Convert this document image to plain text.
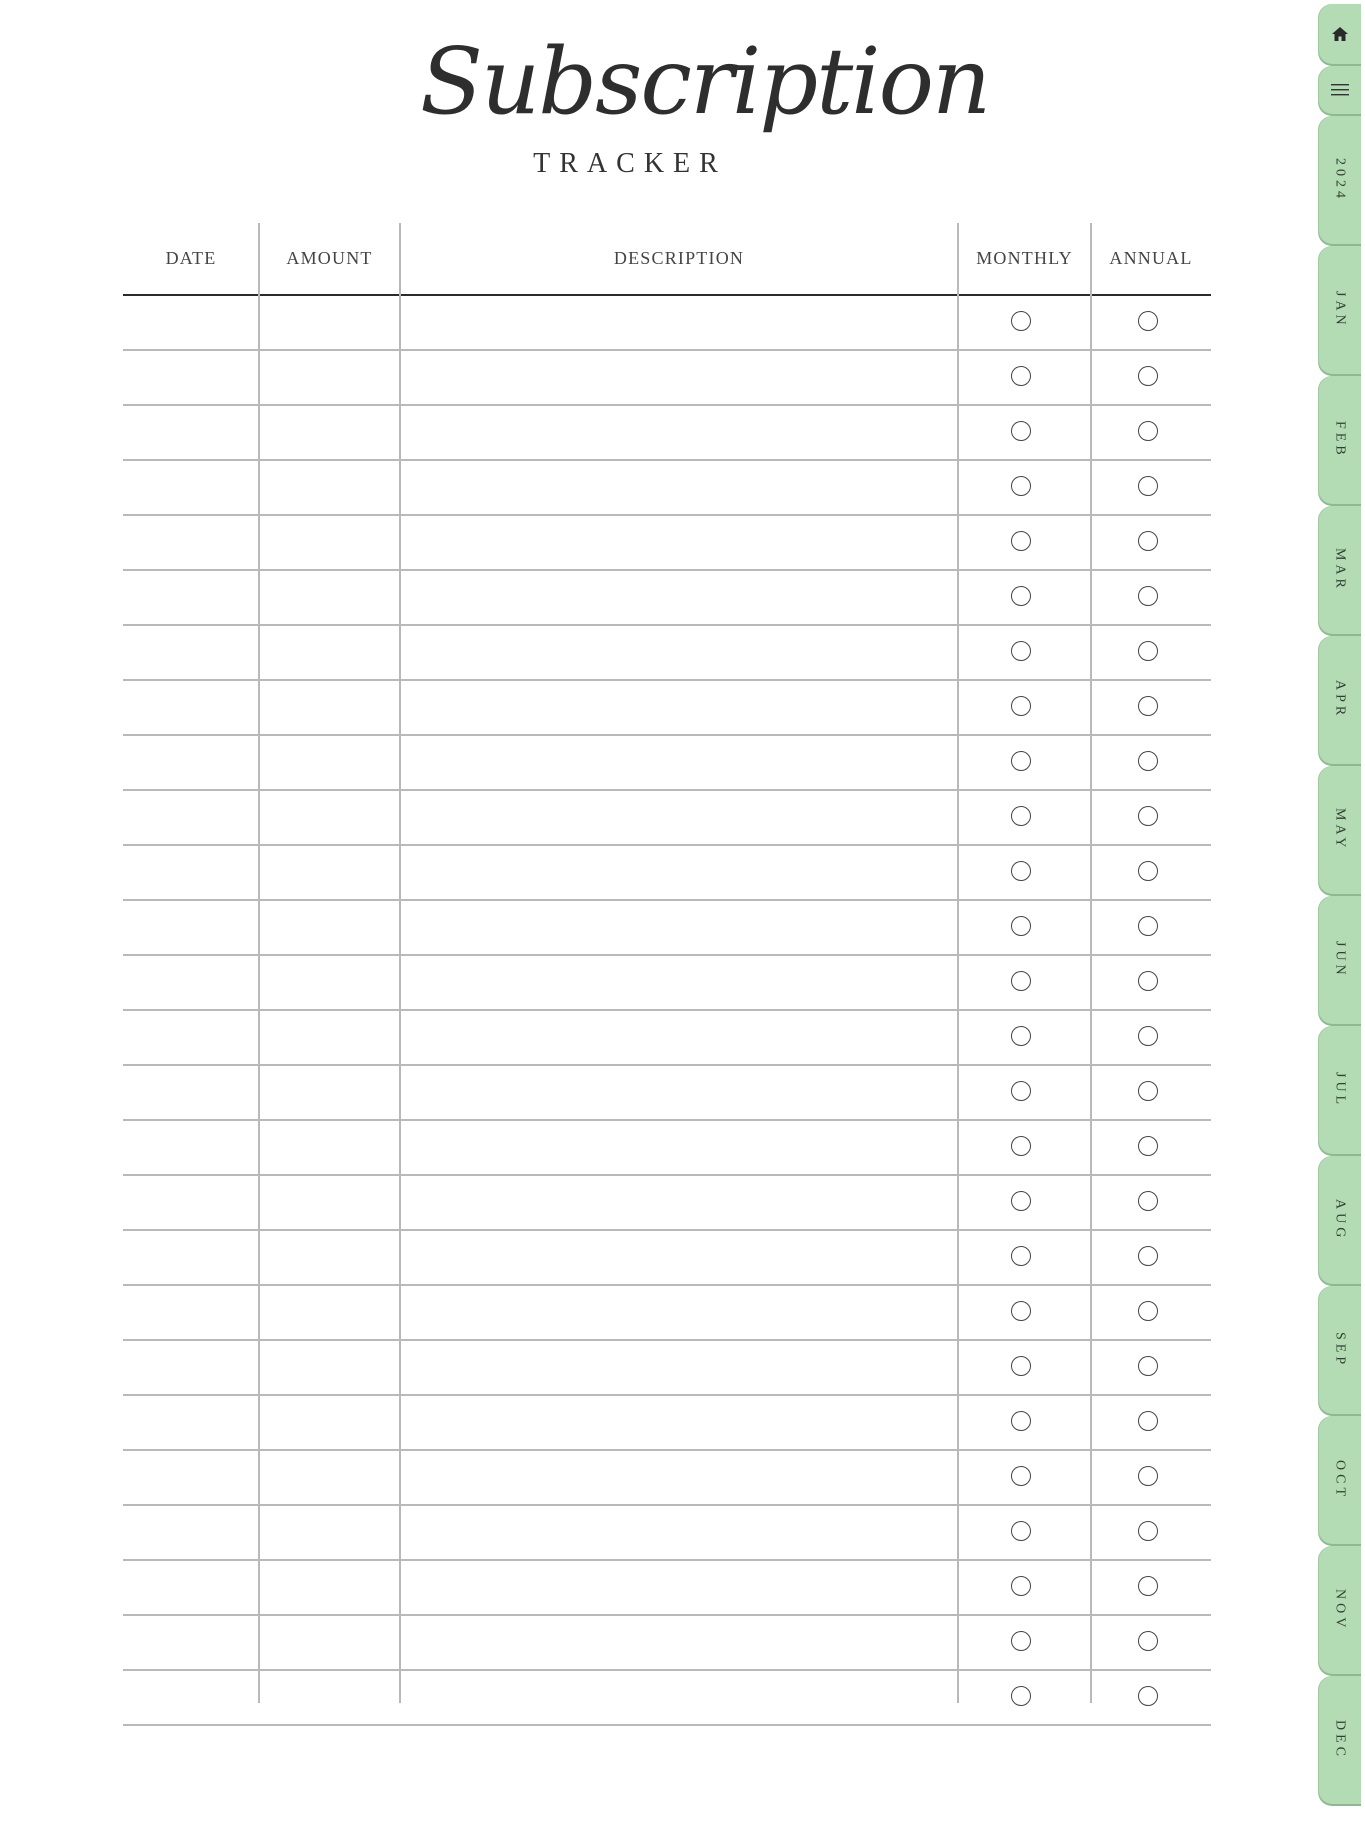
Subscription
TRACKER
DATE	AMOUNT	DESCRIPTION	MONTHLY	ANNUAL
2024
JAN
FEB
MAR
APR
MAY
JUN
JUL
AUG
SEP
OCT
NOV
DEC
